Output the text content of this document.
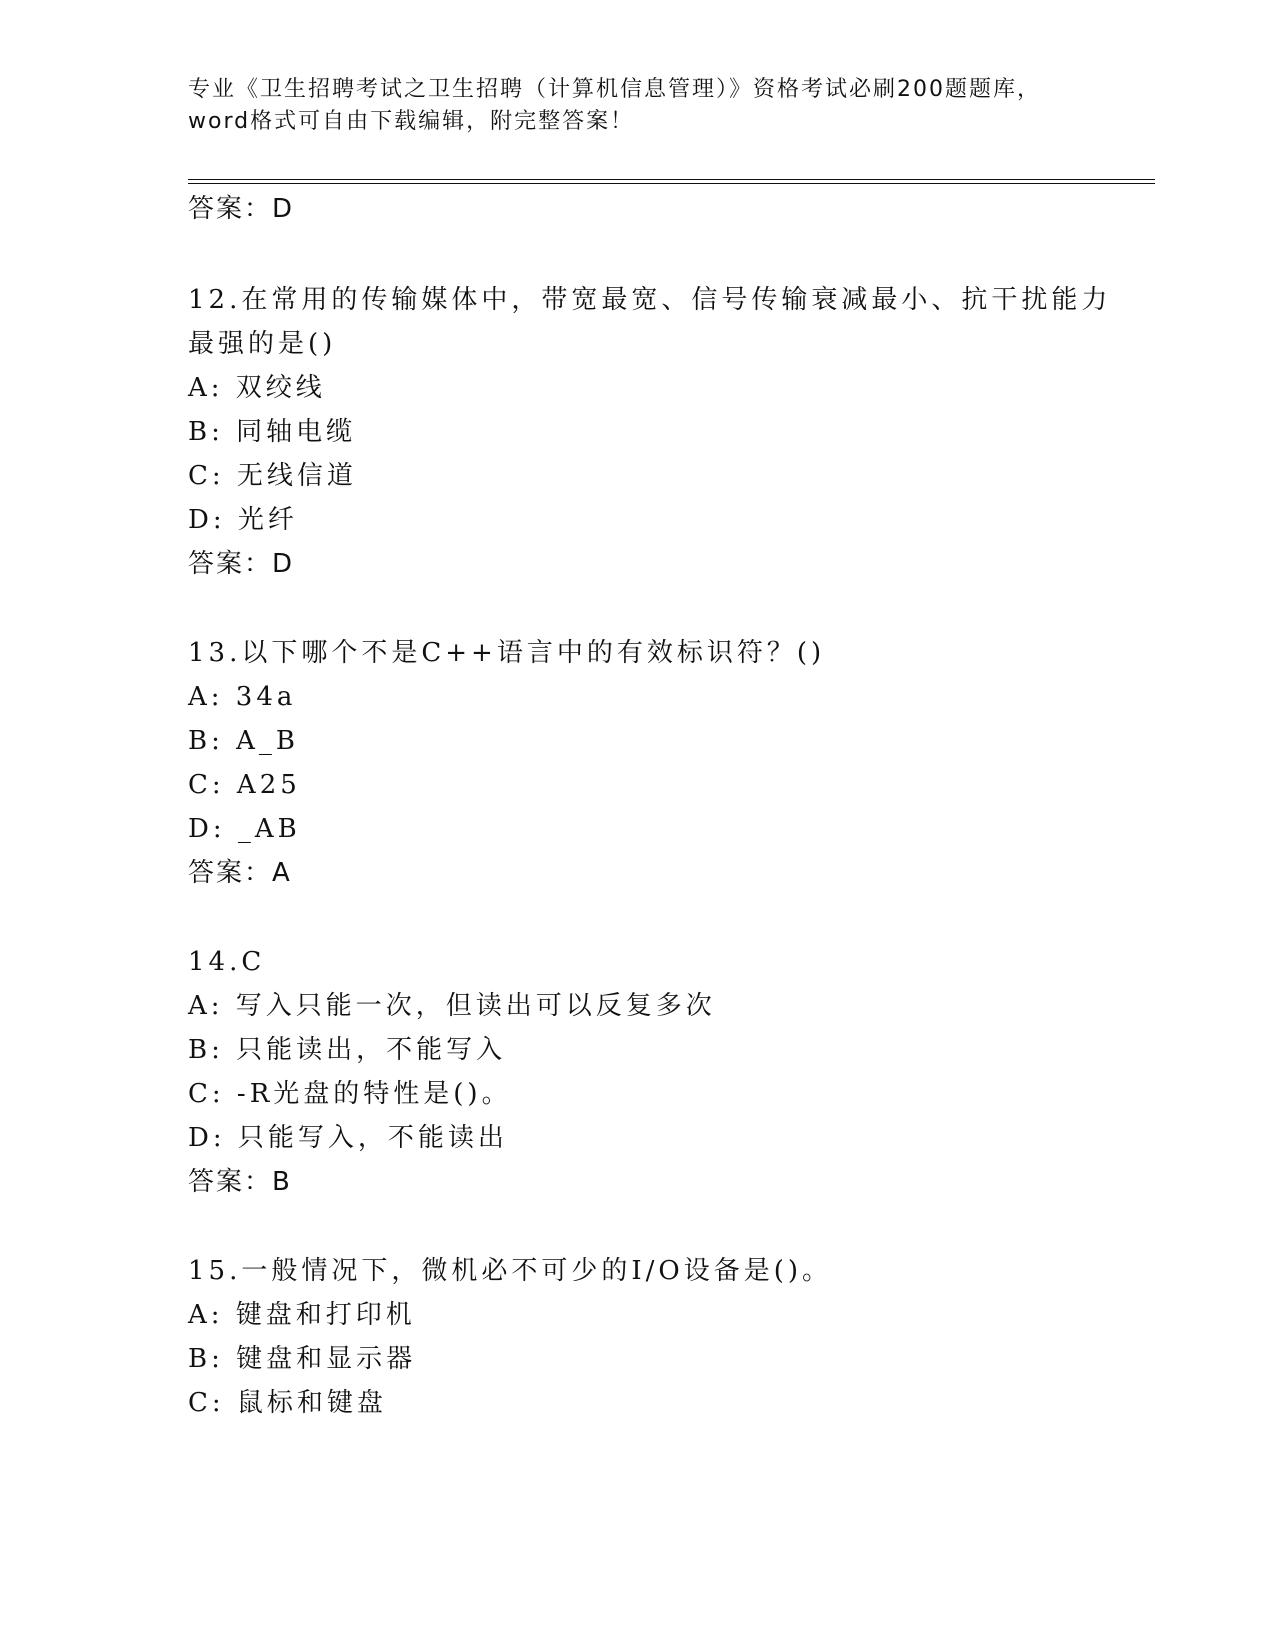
专业《卫生招聘考试之卫生招聘（计算机信息管理）》资格考试必刷200题题库，
word格式可自由下载编辑，附完整答案！
答案：D
12.在常用的传输媒体中，带宽最宽、信号传输衰减最小、抗干扰能力
最强的是()
A: 双绞线
B: 同轴电缆
C: 无线信道
D: 光纤
答案：D
13.以下哪个不是C++语言中的有效标识符？()
A: 34a
B: A_B
C: A25
D: _AB
答案：A
14.C
A: 写入只能一次，但读出可以反复多次
B: 只能读出，不能写入
C: -R光盘的特性是()。
D: 只能写入，不能读出
答案：B
15.一般情况下，微机必不可少的I/O设备是()。
A: 键盘和打印机
B: 键盘和显示器
C: 鼠标和键盘
